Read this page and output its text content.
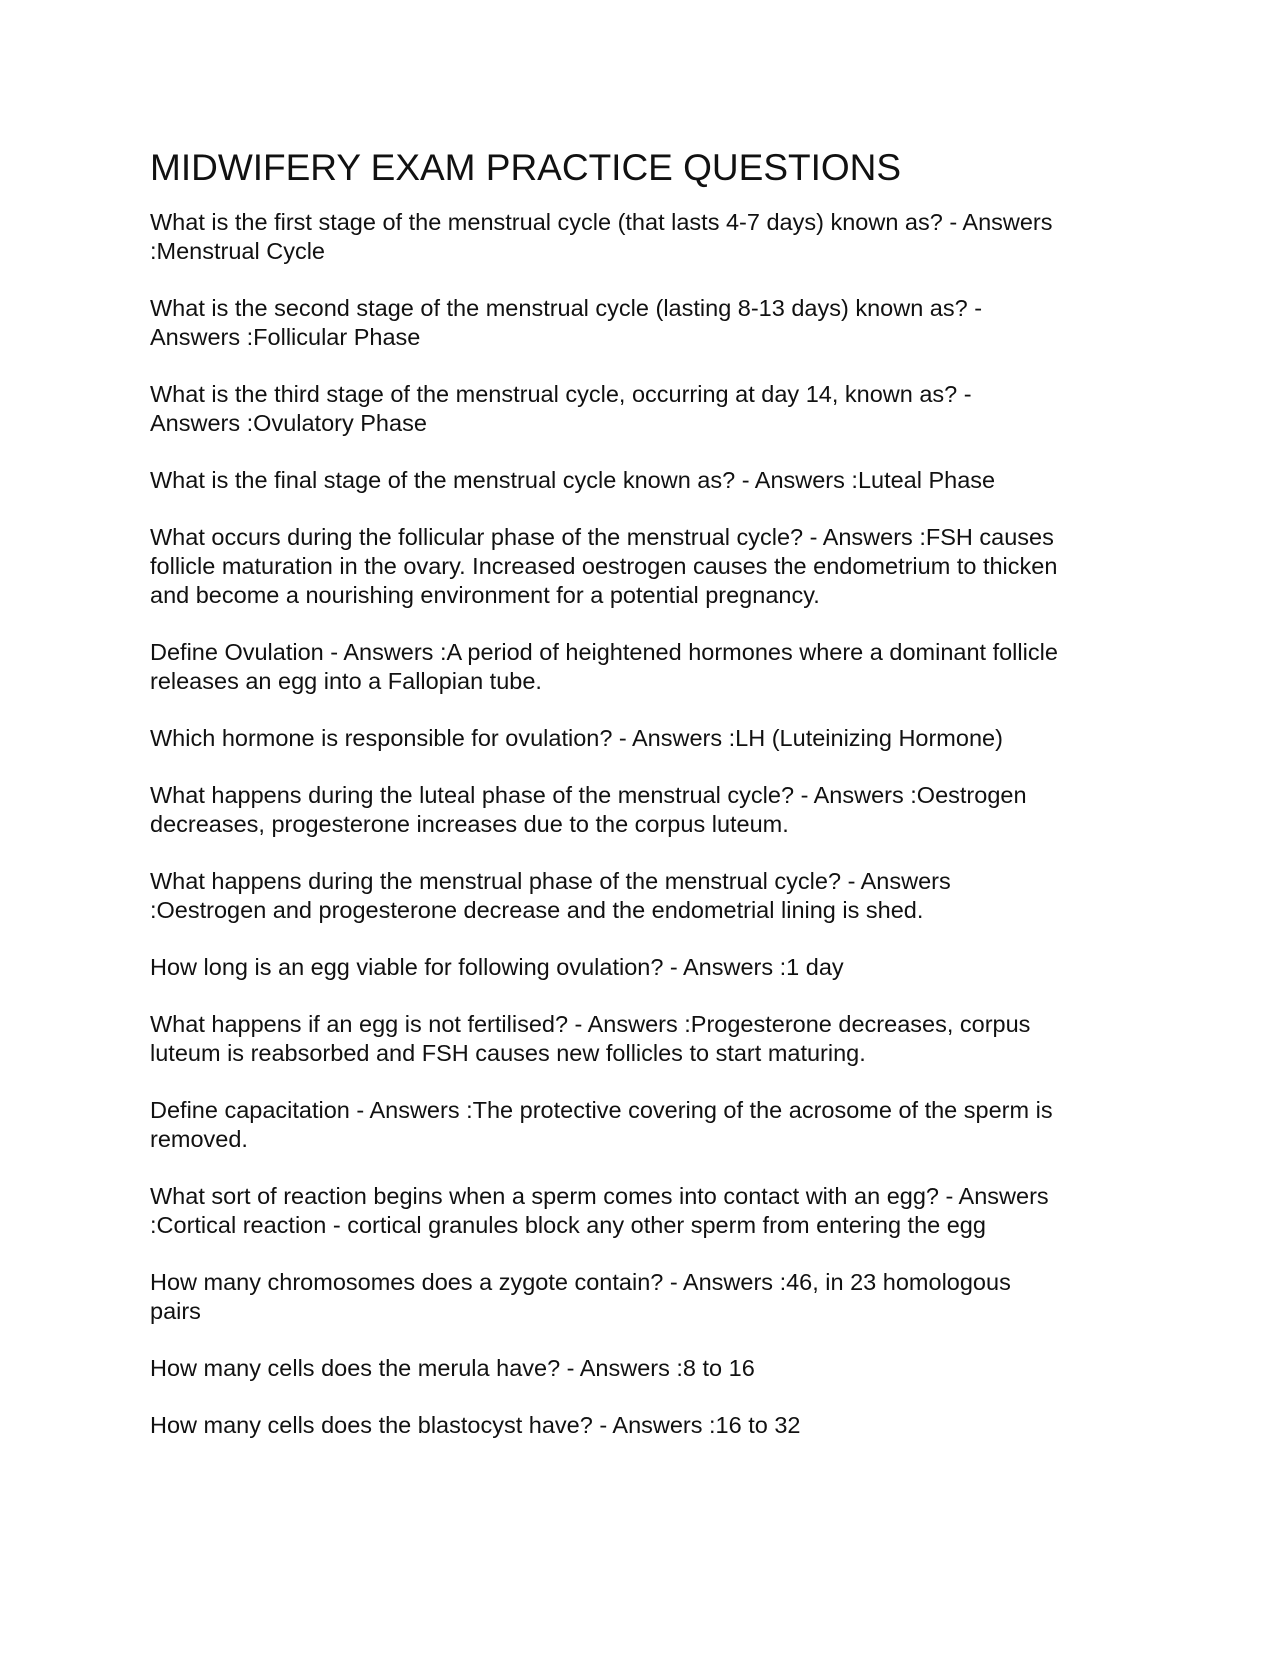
MIDWIFERY EXAM PRACTICE QUESTIONS

What is the first stage of the menstrual cycle (that lasts 4-7 days) known as? - Answers
:Menstrual Cycle

What is the second stage of the menstrual cycle (lasting 8-13 days) known as? -
Answers :Follicular Phase

What is the third stage of the menstrual cycle, occurring at day 14, known as? -
Answers :Ovulatory Phase

What is the final stage of the menstrual cycle known as? - Answers :Luteal Phase

What occurs during the follicular phase of the menstrual cycle? - Answers :FSH causes
follicle maturation in the ovary. Increased oestrogen causes the endometrium to thicken
and become a nourishing environment for a potential pregnancy.

Define Ovulation - Answers :A period of heightened hormones where a dominant follicle
releases an egg into a Fallopian tube.

Which hormone is responsible for ovulation? - Answers :LH (Luteinizing Hormone)

What happens during the luteal phase of the menstrual cycle? - Answers :Oestrogen
decreases, progesterone increases due to the corpus luteum.

What happens during the menstrual phase of the menstrual cycle? - Answers
:Oestrogen and progesterone decrease and the endometrial lining is shed.

How long is an egg viable for following ovulation? - Answers :1 day

What happens if an egg is not fertilised? - Answers :Progesterone decreases, corpus
luteum is reabsorbed and FSH causes new follicles to start maturing.

Define capacitation - Answers :The protective covering of the acrosome of the sperm is
removed.

What sort of reaction begins when a sperm comes into contact with an egg? - Answers
:Cortical reaction - cortical granules block any other sperm from entering the egg

How many chromosomes does a zygote contain? - Answers :46, in 23 homologous
pairs

How many cells does the merula have? - Answers :8 to 16

How many cells does the blastocyst have? - Answers :16 to 32
